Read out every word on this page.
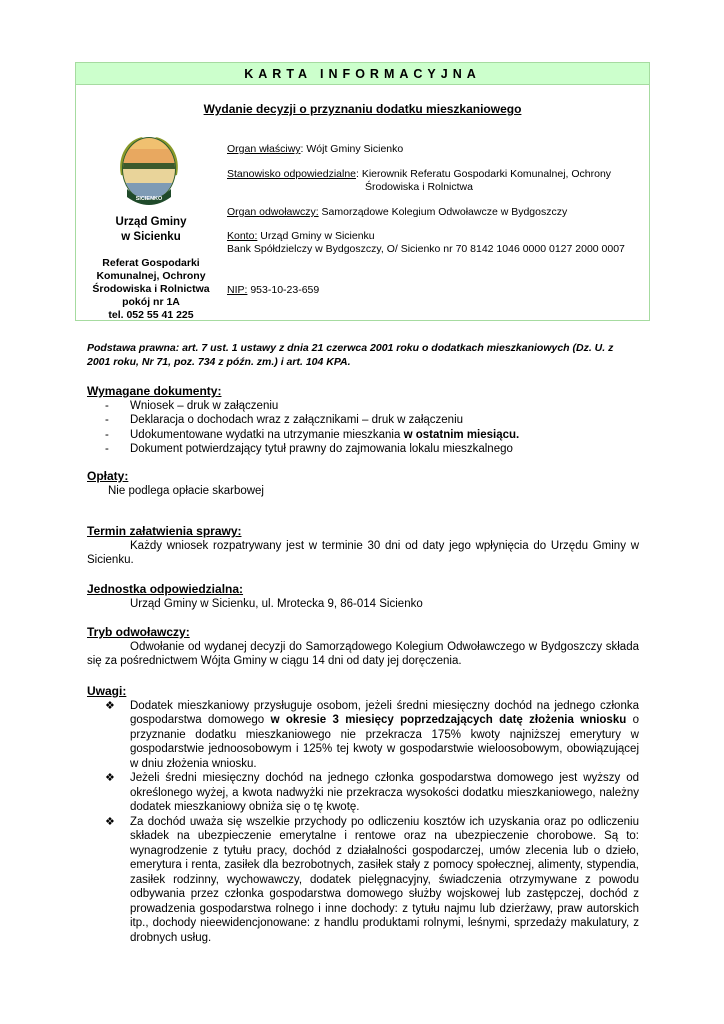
KARTA INFORMACYJNA
Wydanie decyzji o przyznaniu dodatku mieszkaniowego
SICIENKO
Urząd Gminy
w Sicienku
Referat Gospodarki
Komunalnej, Ochrony
Środowiska i Rolnictwa
pokój nr 1A
tel. 052 55 41 225
Organ właściwy: Wójt Gminy Sicienko
Stanowisko odpowiedzialne: Kierownik Referatu Gospodarki Komunalnej, Ochrony
Środowiska i Rolnictwa
Organ odwoławczy: Samorządowe Kolegium Odwoławcze w Bydgoszczy
Konto: Urząd Gminy w Sicienku
Bank Spółdzielczy w Bydgoszczy, O/ Sicienko nr 70 8142 1046 0000 0127 2000 0007
NIP: 953-10-23-659
Podstawa prawna: art. 7 ust. 1 ustawy z dnia 21 czerwca 2001 roku o dodatkach mieszkaniowych (Dz. U. z 2001 roku, Nr 71, poz. 734 z późn. zm.) i art. 104 KPA.
Wymagane dokumenty:
- Wniosek – druk w załączeniu
- Deklaracja o dochodach wraz z załącznikami – druk w załączeniu
- Udokumentowane wydatki na utrzymanie mieszkania w ostatnim miesiącu.
- Dokument potwierdzający tytuł prawny do zajmowania lokalu mieszkalnego
Opłaty:
Nie podlega opłacie skarbowej
Termin załatwienia sprawy:
Każdy wniosek rozpatrywany jest w terminie 30 dni od daty jego wpłynięcia do Urzędu Gminy w Sicienku.
Jednostka odpowiedzialna:
Urząd Gminy w Sicienku, ul. Mrotecka 9, 86-014 Sicienko
Tryb odwoławczy:
Odwołanie od wydanej decyzji do Samorządowego Kolegium Odwoławczego w Bydgoszczy składa się za pośrednictwem Wójta Gminy w ciągu 14 dni od daty jej doręczenia.
Uwagi:
❖ Dodatek mieszkaniowy przysługuje osobom, jeżeli średni miesięczny dochód na jednego członka gospodarstwa domowego w okresie 3 miesięcy poprzedzających datę złożenia wniosku o przyznanie dodatku mieszkaniowego nie przekracza 175% kwoty najniższej emerytury w gospodarstwie jednoosobowym i 125% tej kwoty w gospodarstwie wieloosobowym, obowiązującej w dniu złożenia wniosku.
❖ Jeżeli średni miesięczny dochód na jednego członka gospodarstwa domowego jest wyższy od określonego wyżej, a kwota nadwyżki nie przekracza wysokości dodatku mieszkaniowego, należny dodatek mieszkaniowy obniża się o tę kwotę.
❖ Za dochód uważa się wszelkie przychody po odliczeniu kosztów ich uzyskania oraz po odliczeniu składek na ubezpieczenie emerytalne i rentowe oraz na ubezpieczenie chorobowe. Są to: wynagrodzenie z tytułu pracy, dochód z działalności gospodarczej, umów zlecenia lub o dzieło, emerytura i renta, zasiłek dla bezrobotnych, zasiłek stały z pomocy społecznej, alimenty, stypendia, zasiłek rodzinny, wychowawczy, dodatek pielęgnacyjny, świadczenia otrzymywane z powodu odbywania przez członka gospodarstwa domowego służby wojskowej lub zastępczej, dochód z prowadzenia gospodarstwa rolnego i inne dochody: z tytułu najmu lub dzierżawy, praw autorskich itp., dochody nieewidencjonowane: z handlu produktami rolnymi, leśnymi, sprzedaży makulatury, z drobnych usług.
